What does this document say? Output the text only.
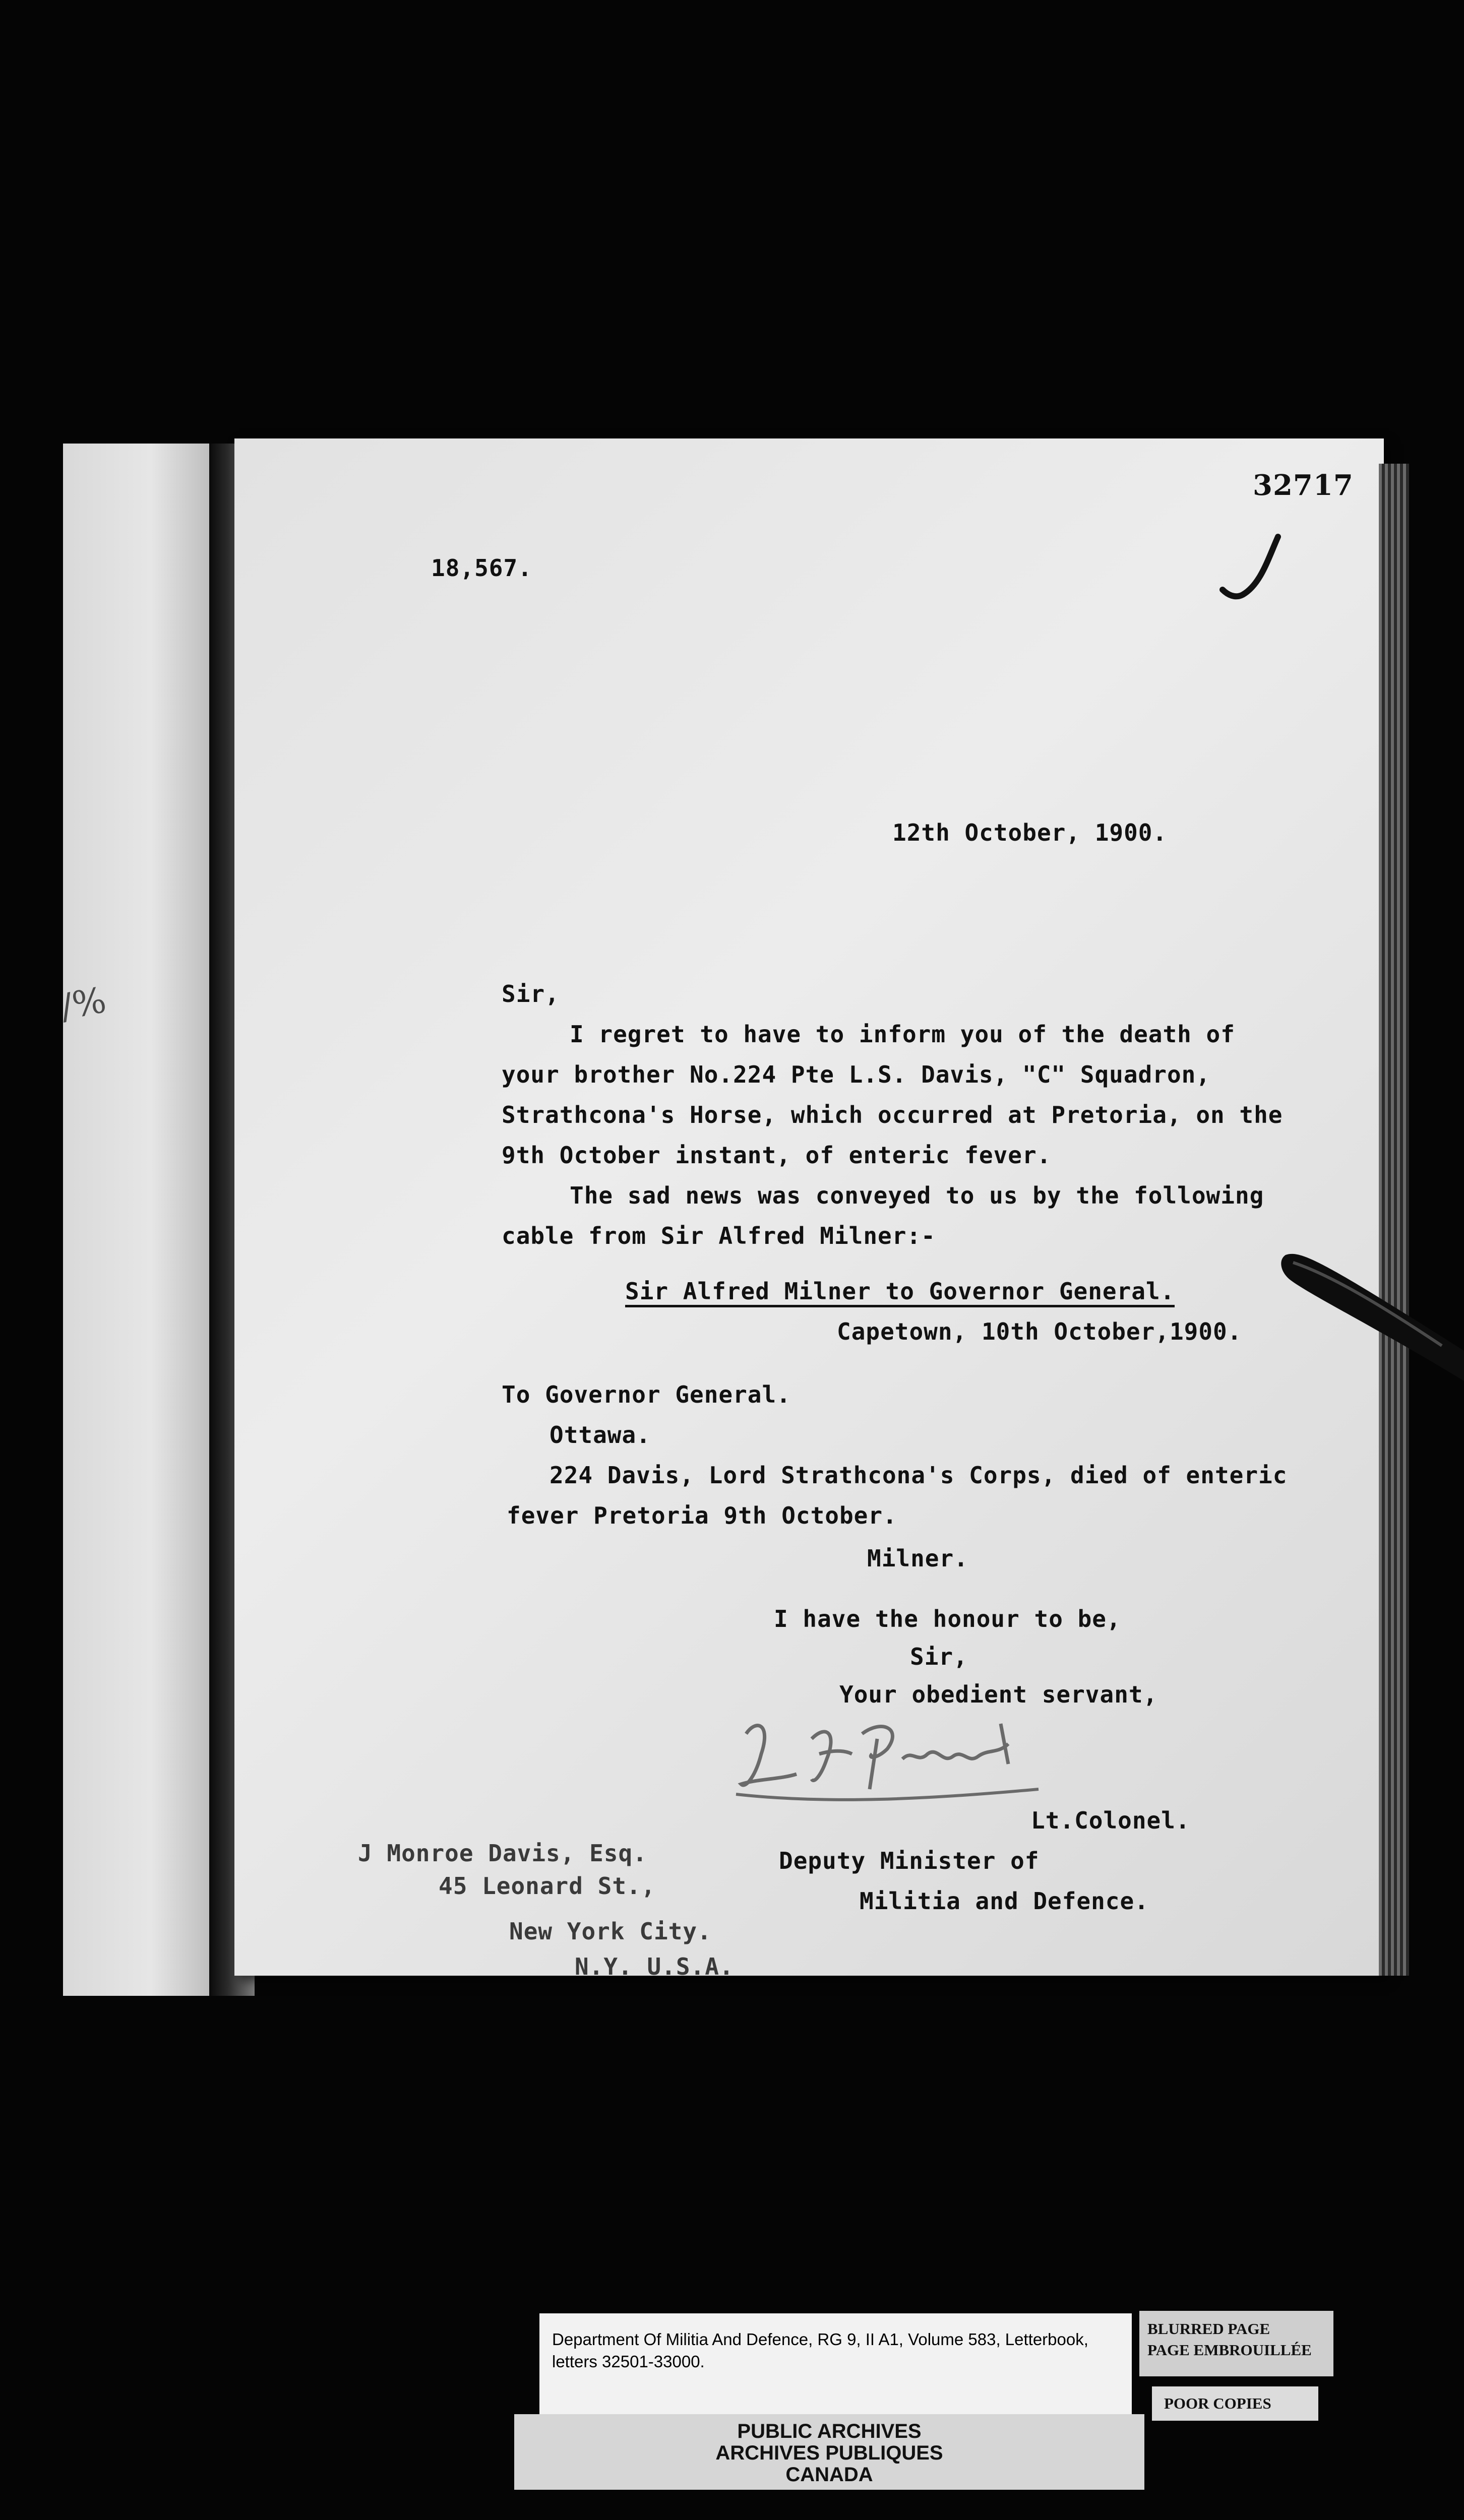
/%
32717
18,567.
12th October, 1900.
Sir,
I regret to have to inform you of the death of
your brother No.224 Pte L.S. Davis, "C" Squadron,
Strathcona's Horse, which occurred at Pretoria, on the
9th October instant, of enteric fever.
The sad news was conveyed to us by the following
cable from Sir Alfred Milner:-
Sir Alfred Milner to Governor General.
Capetown, 10th October,1900.
To Governor General.
Ottawa.
224 Davis, Lord Strathcona's Corps, died of enteric
fever Pretoria 9th October.
Milner.
I have the honour to be,
Sir,
Your obedient servant,
Lt.Colonel.
Deputy Minister of
Militia and Defence.
J Monroe Davis, Esq.
45 Leonard St.,
New York City.
N.Y. U.S.A.
Department Of Militia And Defence, RG 9, II A1, Volume 583, Letterbook, letters 32501-33000.
PUBLIC ARCHIVES
ARCHIVES PUBLIQUES
CANADA
BLURRED PAGE
PAGE EMBROUILLÉE
POOR COPIES
